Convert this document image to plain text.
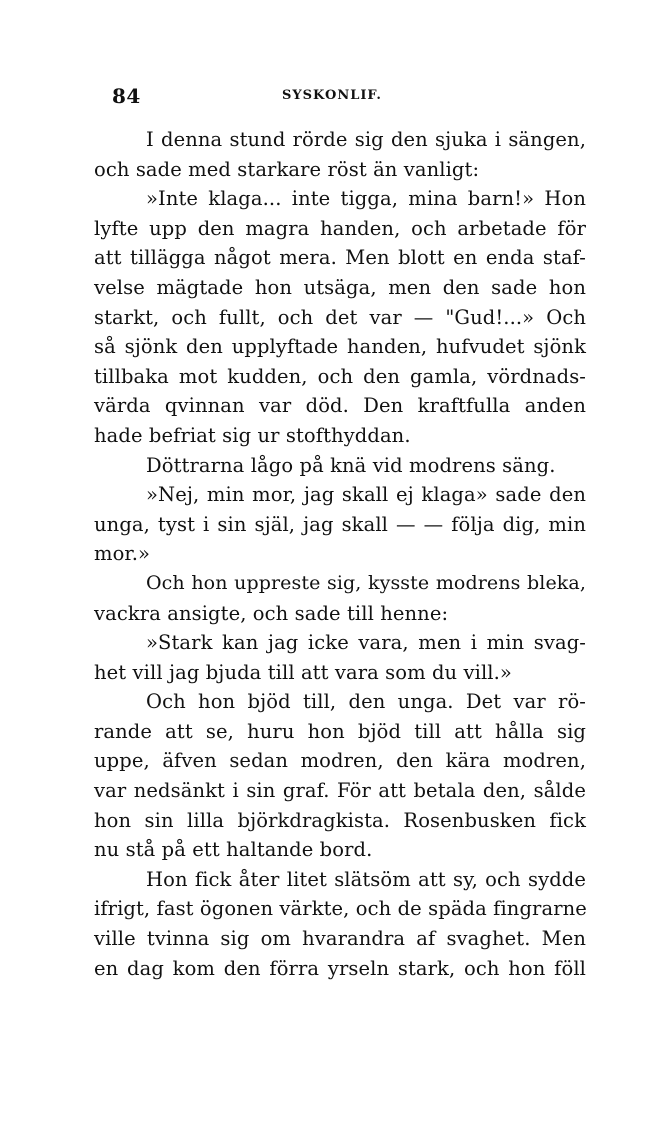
84	SYSKONLIF.
I denna stund rörde sig den sjuka i sängen,
och sade med starkare röst än vanligt:
»Inte klaga... inte tigga, mina barn!» Hon
lyfte upp den magra handen, och arbetade för
att tillägga något mera. Men blott en enda staf-
velse mägtade hon utsäga, men den sade hon
starkt, och fullt, och det var — "Gud!...» Och
så sjönk den upplyftade handen, hufvudet sjönk
tillbaka mot kudden, och den gamla, vördnads-
värda qvinnan var död. Den kraftfulla anden
hade befriat sig ur stofthyddan.
Döttrarna lågo på knä vid modrens säng.
»Nej, min mor, jag skall ej klaga» sade den
unga, tyst i sin själ, jag skall — — följa dig, min
mor.»
Och hon uppreste sig, kysste modrens bleka,
vackra ansigte, och sade till henne:
»Stark kan jag icke vara, men i min svag-
het vill jag bjuda till att vara som du vill.»
Och hon bjöd till, den unga. Det var rö-
rande att se, huru hon bjöd till att hålla sig
uppe, äfven sedan modren, den kära modren,
var nedsänkt i sin graf. För att betala den, sålde
hon sin lilla björkdragkista. Rosenbusken fick
nu stå på ett haltande bord.
Hon fick åter litet slätsöm att sy, och sydde
ifrigt, fast ögonen värkte, och de späda fingrarne
ville tvinna sig om hvarandra af svaghet. Men
en dag kom den förra yrseln stark, och hon föll
